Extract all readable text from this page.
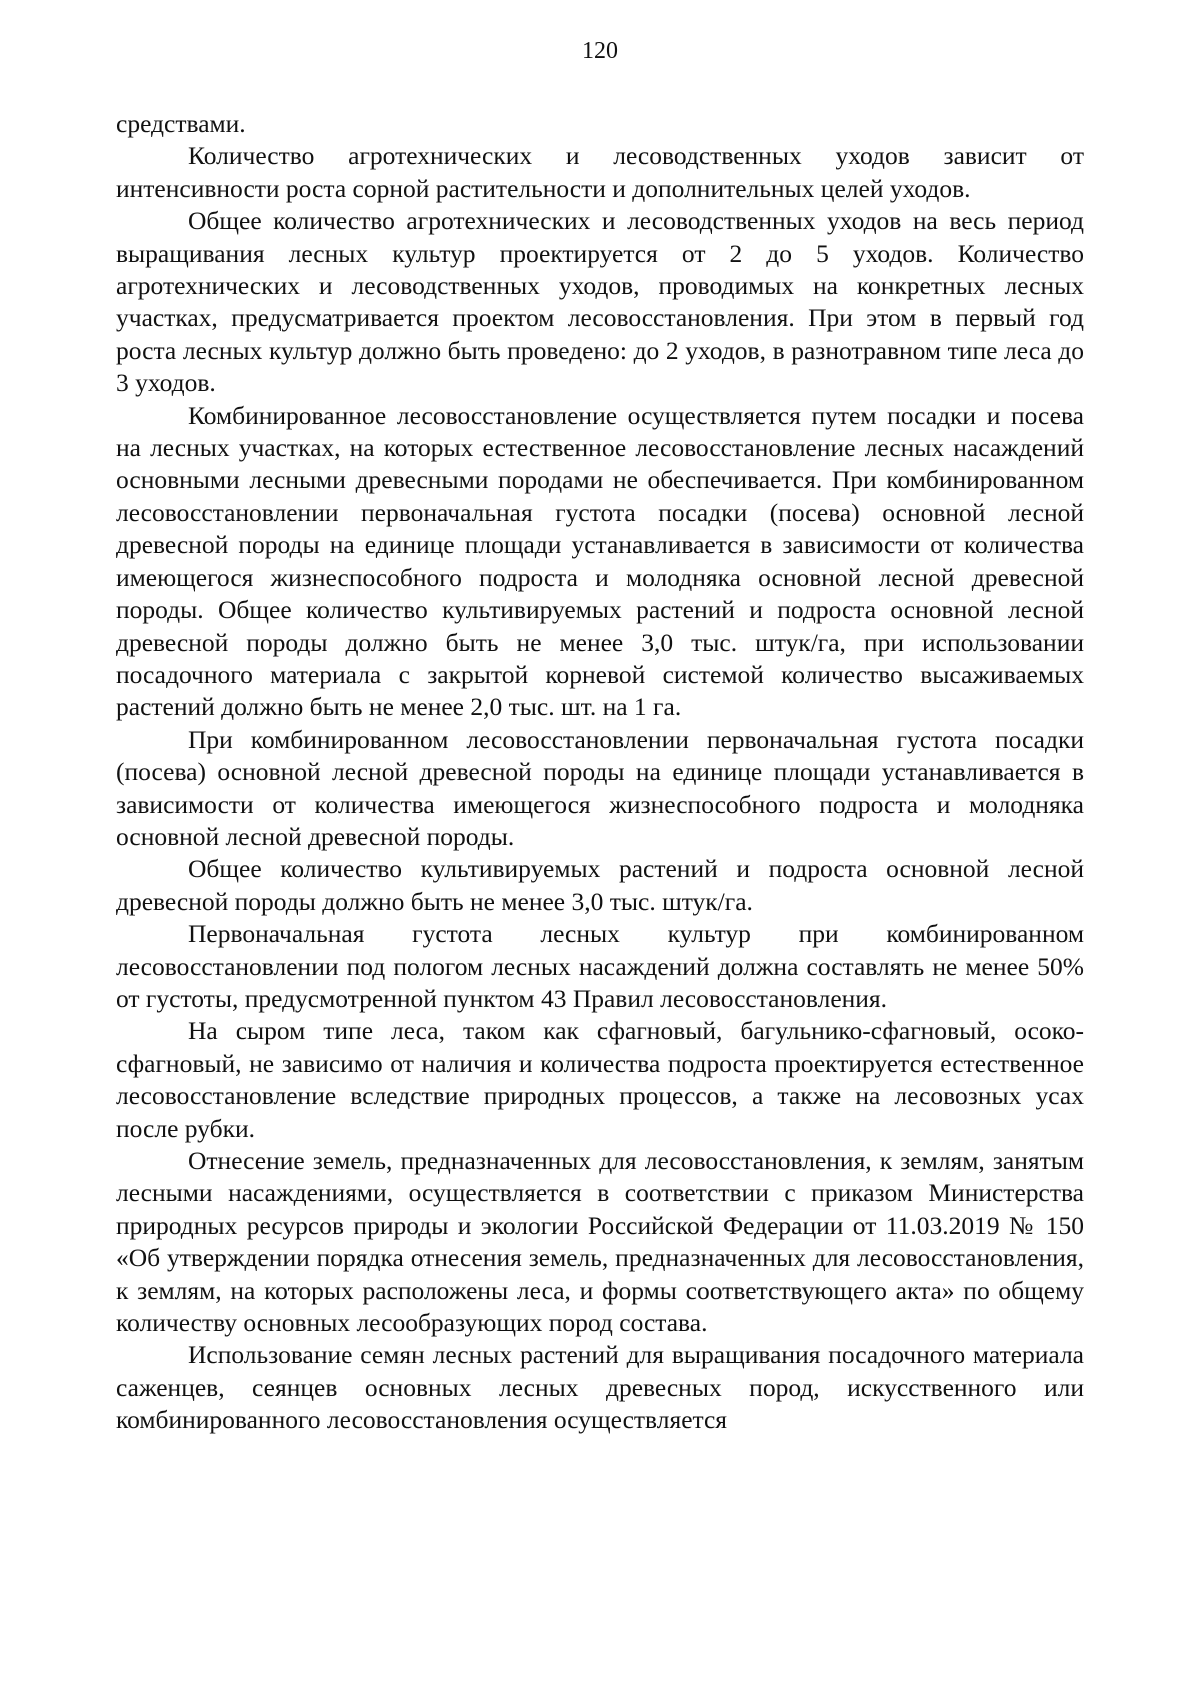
120

средствами.

Количество агротехнических и лесоводственных уходов зависит от интенсивности роста сорной растительности и дополнительных целей уходов.

Общее количество агротехнических и лесоводственных уходов на весь период выращивания лесных культур проектируется от 2 до 5 уходов. Количество агротехнических и лесоводственных уходов, проводимых на конкретных лесных участках, предусматривается проектом лесовосстановления. При этом в первый год роста лесных культур должно быть проведено: до 2 уходов, в разнотравном типе леса до 3 уходов.

Комбинированное лесовосстановление осуществляется путем посадки и посева на лесных участках, на которых естественное лесовосстановление лесных насаждений основными лесными древесными породами не обеспечивается. При комбинированном лесовосстановлении первоначальная густота посадки (посева) основной лесной древесной породы на единице площади устанавливается в зависимости от количества имеющегося жизнеспособного подроста и молодняка основной лесной древесной породы. Общее количество культивируемых растений и подроста основной лесной древесной породы должно быть не менее 3,0 тыс. штук/га, при использовании посадочного материала с закрытой корневой системой количество высаживаемых растений должно быть не менее 2,0 тыс. шт. на 1 га.

При комбинированном лесовосстановлении первоначальная густота посадки (посева) основной лесной древесной породы на единице площади устанавливается в зависимости от количества имеющегося жизнеспособного подроста и молодняка основной лесной древесной породы.

Общее количество культивируемых растений и подроста основной лесной древесной породы должно быть не менее 3,0 тыс. штук/га.

Первоначальная густота лесных культур при комбинированном лесовосстановлении под пологом лесных насаждений должна составлять не менее 50% от густоты, предусмотренной пунктом 43 Правил лесовосстановления.

На сыром типе леса, таком как сфагновый, багульнико-сфагновый, осоко-сфагновый, не зависимо от наличия и количества подроста проектируется естественное лесовосстановление вследствие природных процессов, а также на лесовозных усах после рубки.

Отнесение земель, предназначенных для лесовосстановления, к землям, занятым лесными насаждениями, осуществляется в соответствии с приказом Министерства природных ресурсов природы и экологии Российской Федерации от 11.03.2019 № 150 «Об утверждении порядка отнесения земель, предназначенных для лесовосстановления, к землям, на которых расположены леса, и формы соответствующего акта» по общему количеству основных лесообразующих пород состава.

Использование семян лесных растений для выращивания посадочного материала саженцев, сеянцев основных лесных древесных пород, искусственного или комбинированного лесовосстановления осуществляется
